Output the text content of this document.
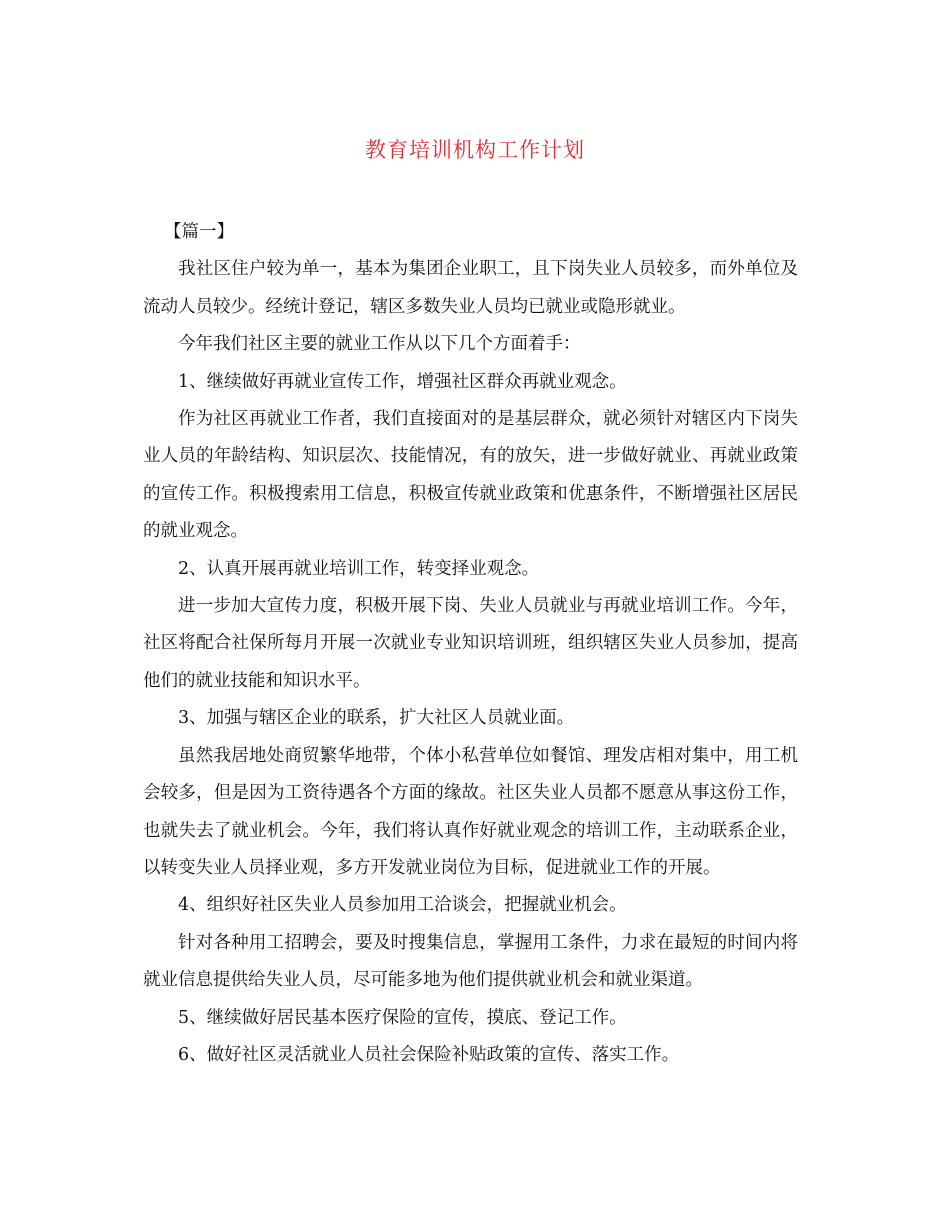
教育培训机构工作计划

【篇一】

我社区住户较为单一，基本为集团企业职工，且下岗失业人员较多，而外单位及流动人员较少。经统计登记，辖区多数失业人员均已就业或隐形就业。

今年我们社区主要的就业工作从以下几个方面着手：

1、继续做好再就业宣传工作，增强社区群众再就业观念。

作为社区再就业工作者，我们直接面对的是基层群众，就必须针对辖区内下岗失业人员的年龄结构、知识层次、技能情况，有的放矢，进一步做好就业、再就业政策的宣传工作。积极搜索用工信息，积极宣传就业政策和优惠条件，不断增强社区居民的就业观念。

2、认真开展再就业培训工作，转变择业观念。

进一步加大宣传力度，积极开展下岗、失业人员就业与再就业培训工作。今年，社区将配合社保所每月开展一次就业专业知识培训班，组织辖区失业人员参加，提高他们的就业技能和知识水平。

3、加强与辖区企业的联系，扩大社区人员就业面。

虽然我居地处商贸繁华地带，个体小私营单位如餐馆、理发店相对集中，用工机会较多，但是因为工资待遇各个方面的缘故。社区失业人员都不愿意从事这份工作，也就失去了就业机会。今年，我们将认真作好就业观念的培训工作，主动联系企业，以转变失业人员择业观，多方开发就业岗位为目标，促进就业工作的开展。

4、组织好社区失业人员参加用工洽谈会，把握就业机会。

针对各种用工招聘会，要及时搜集信息，掌握用工条件，力求在最短的时间内将就业信息提供给失业人员，尽可能多地为他们提供就业机会和就业渠道。

5、继续做好居民基本医疗保险的宣传，摸底、登记工作。

6、做好社区灵活就业人员社会保险补贴政策的宣传、落实工作。
